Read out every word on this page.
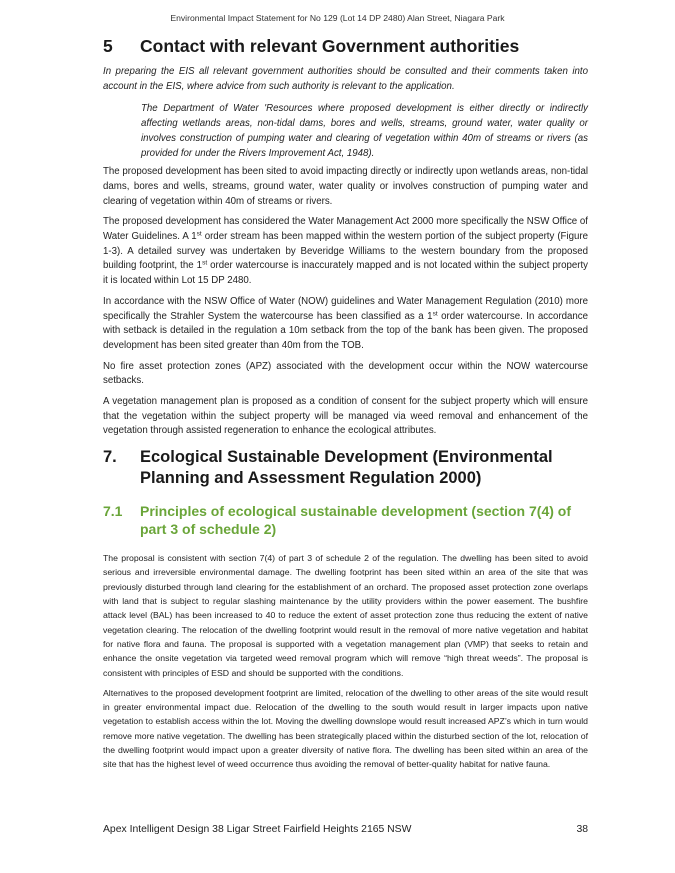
Environmental Impact Statement for No 129 (Lot 14 DP 2480) Alan Street, Niagara Park
5	Contact with relevant Government authorities

In preparing the EIS all relevant government authorities should be consulted and their comments taken into account in the EIS, where advice from such authority is relevant to the application.

The Department of Water 'Resources where proposed development is either directly or indirectly affecting wetlands areas, non-tidal dams, bores and wells, streams, ground water, water quality or involves construction of pumping water and clearing of vegetation within 40m of streams or rivers (as provided for under the Rivers Improvement Act, 1948).

The proposed development has been sited to avoid impacting directly or indirectly upon wetlands areas, non-tidal dams, bores and wells, streams, ground water, water quality or involves construction of pumping water and clearing of vegetation within 40m of streams or rivers.

The proposed development has considered the Water Management Act 2000 more specifically the NSW Office of Water Guidelines. A 1st order stream has been mapped within the western portion of the subject property (Figure 1-3). A detailed survey was undertaken by Beveridge Williams to the western boundary from the proposed building footprint, the 1st order watercourse is inaccurately mapped and is not located within the subject property it is located within Lot 15 DP 2480.

In accordance with the NSW Office of Water (NOW) guidelines and Water Management Regulation (2010) more specifically the Strahler System the watercourse has been classified as a 1st order watercourse. In accordance with setback is detailed in the regulation a 10m setback from the top of the bank has been given. The proposed development has been sited greater than 40m from the TOB.

No fire asset protection zones (APZ) associated with the development occur within the NOW watercourse setbacks.

A vegetation management plan is proposed as a condition of consent for the subject property which will ensure that the vegetation within the subject property will be managed via weed removal and enhancement of the vegetation through assisted regeneration to enhance the ecological attributes.

7.	Ecological Sustainable Development (Environmental Planning and Assessment Regulation 2000)
7.1	Principles of ecological sustainable development (section 7(4) of part 3 of schedule 2)

The proposal is consistent with section 7(4) of part 3 of schedule 2 of the regulation. The dwelling has been sited to avoid serious and irreversible environmental damage. The dwelling footprint has been sited within an area of the site that was previously disturbed through land clearing for the establishment of an orchard. The proposed asset protection zone overlaps with land that is subject to regular slashing maintenance by the utility providers within the power easement. The bushfire attack level (BAL) has been increased to 40 to reduce the extent of asset protection zone thus reducing the extent of native vegetation clearing. The relocation of the dwelling footprint would result in the removal of more native vegetation and habitat for native flora and fauna. The proposal is supported with a vegetation management plan (VMP) that seeks to retain and enhance the onsite vegetation via targeted weed removal program which will remove “high threat weeds”. The proposal is consistent with principles of ESD and should be supported with the conditions.

Alternatives to the proposed development footprint are limited, relocation of the dwelling to other areas of the site would result in greater environmental impact due. Relocation of the dwelling to the south would result in larger impacts upon native vegetation to establish access within the lot. Moving the dwelling downslope would result increased APZ’s which in turn would remove more native vegetation. The dwelling has been strategically placed within the disturbed section of the lot, relocation of the dwelling footprint would impact upon a greater diversity of native flora. The dwelling has been sited within an area of the site that has the highest level of weed occurrence thus avoiding the removal of better-quality habitat for native fauna.

Apex Intelligent Design 38 Ligar Street Fairfield Heights 2165 NSW	38
